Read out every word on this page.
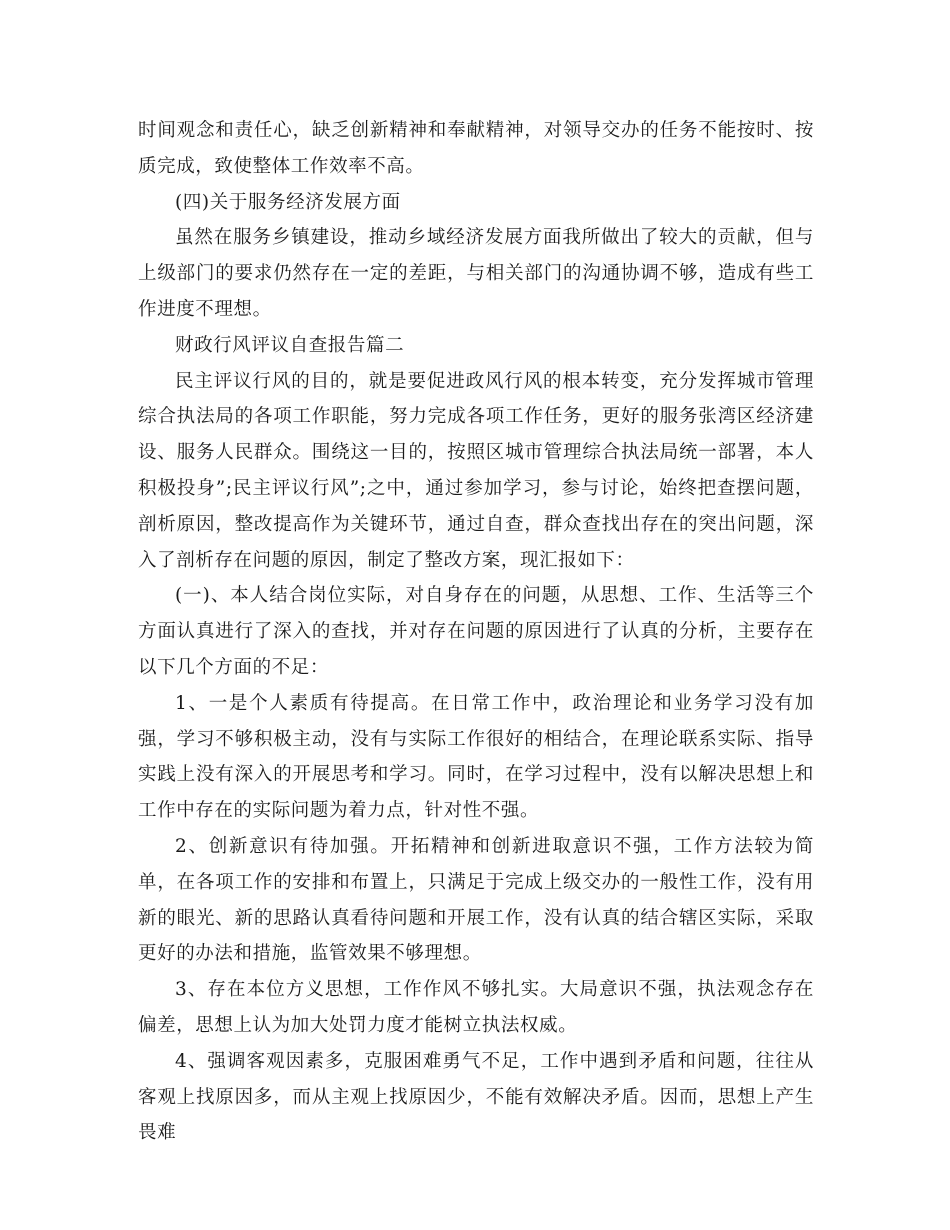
时间观念和责任心，缺乏创新精神和奉献精神，对领导交办的任务不能按时、按质完成，致使整体工作效率不高。

(四)关于服务经济发展方面

虽然在服务乡镇建设，推动乡域经济发展方面我所做出了较大的贡献，但与上级部门的要求仍然存在一定的差距，与相关部门的沟通协调不够，造成有些工作进度不理想。

财政行风评议自查报告篇二

民主评议行风的目的，就是要促进政风行风的根本转变，充分发挥城市管理综合执法局的各项工作职能，努力完成各项工作任务，更好的服务张湾区经济建设、服务人民群众。围绕这一目的，按照区城市管理综合执法局统一部署，本人积极投身”;民主评议行风”;之中，通过参加学习，参与讨论，始终把查摆问题，剖析原因，整改提高作为关键环节，通过自查，群众查找出存在的突出问题，深入了剖析存在问题的原因，制定了整改方案，现汇报如下：

(一)、本人结合岗位实际，对自身存在的问题，从思想、工作、生活等三个方面认真进行了深入的查找，并对存在问题的原因进行了认真的分析，主要存在以下几个方面的不足：

1、一是个人素质有待提高。在日常工作中，政治理论和业务学习没有加强，学习不够积极主动，没有与实际工作很好的相结合，在理论联系实际、指导实践上没有深入的开展思考和学习。同时，在学习过程中，没有以解决思想上和工作中存在的实际问题为着力点，针对性不强。

2、创新意识有待加强。开拓精神和创新进取意识不强，工作方法较为简单，在各项工作的安排和布置上，只满足于完成上级交办的一般性工作，没有用新的眼光、新的思路认真看待问题和开展工作，没有认真的结合辖区实际，采取更好的办法和措施，监管效果不够理想。

3、存在本位方义思想，工作作风不够扎实。大局意识不强，执法观念存在偏差，思想上认为加大处罚力度才能树立执法权威。

4、强调客观因素多，克服困难勇气不足，工作中遇到矛盾和问题，往往从客观上找原因多，而从主观上找原因少，不能有效解决矛盾。因而，思想上产生畏难
